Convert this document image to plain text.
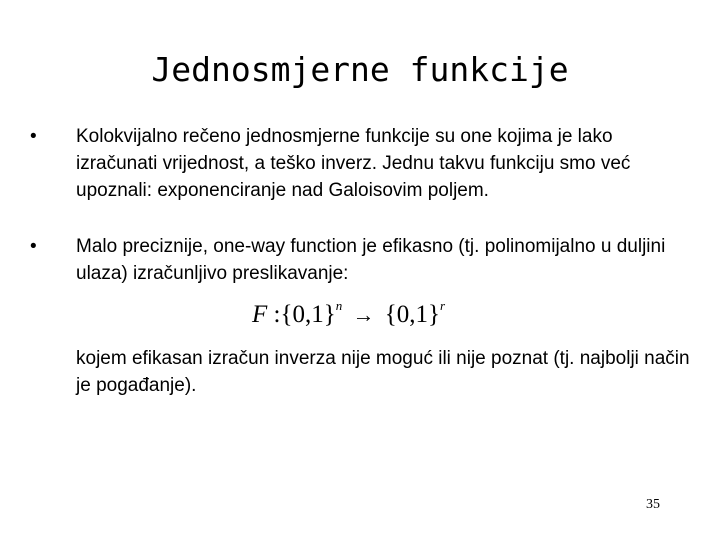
Jednosmjerne funkcije
• Kolokvijalno rečeno jednosmjerne funkcije su one kojima je lako izračunati vrijednost, a teško inverz. Jednu takvu funkciju smo već upoznali: exponenciranje nad Galoisovim poljem.
• Malo preciznije, one-way function je efikasno (tj. polinomijalno u duljini ulaza) izračunljivo preslikavanje:
F $:\{0,1\}^n \to \{0,1\}^r$
kojem efikasan izračun inverza nije moguć ili nije poznat (tj. najbolji način je pogađanje).
35
